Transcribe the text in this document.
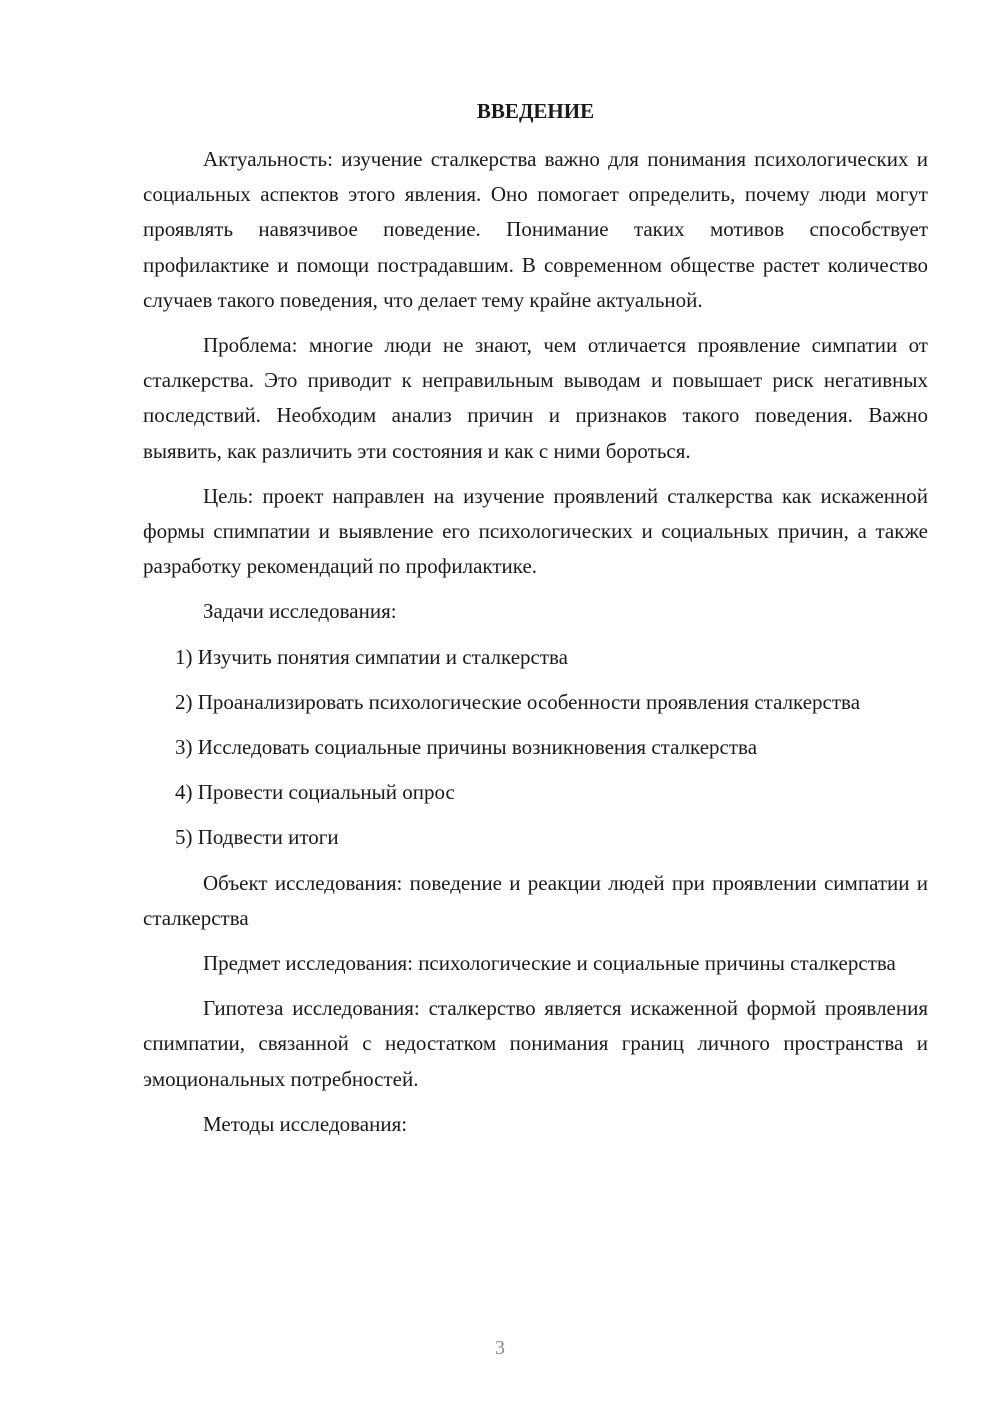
ВВЕДЕНИЕ

Актуальность: изучение сталкерства важно для понимания психологических и социальных аспектов этого явления. Оно помогает определить, почему люди могут проявлять навязчивое поведение. Понимание таких мотивов способствует профилактике и помощи пострадавшим. В современном обществе растет количество случаев такого поведения, что делает тему крайне актуальной.

Проблема: многие люди не знают, чем отличается проявление симпатии от сталкерства. Это приводит к неправильным выводам и повышает риск негативных последствий. Необходим анализ причин и признаков такого поведения. Важно выявить, как различить эти состояния и как с ними бороться.

Цель: проект направлен на изучение проявлений сталкерства как искаженной формы спимпатии и выявление его психологических и социальных причин, а также разработку рекомендаций по профилактике.

Задачи исследования:

1) Изучить понятия симпатии и сталкерства

2) Проанализировать психологические особенности проявления сталкерства

3) Исследовать социальные причины возникновения сталкерства

4) Провести социальный опрос

5) Подвести итоги

Объект исследования: поведение и реакции людей при проявлении симпатии и сталкерства

Предмет исследования: психологические и социальные причины сталкерства

Гипотеза исследования: сталкерство является искаженной формой проявления спимпатии, связанной с недостатком понимания границ личного пространства и эмоциональных потребностей.

Методы исследования:

3
